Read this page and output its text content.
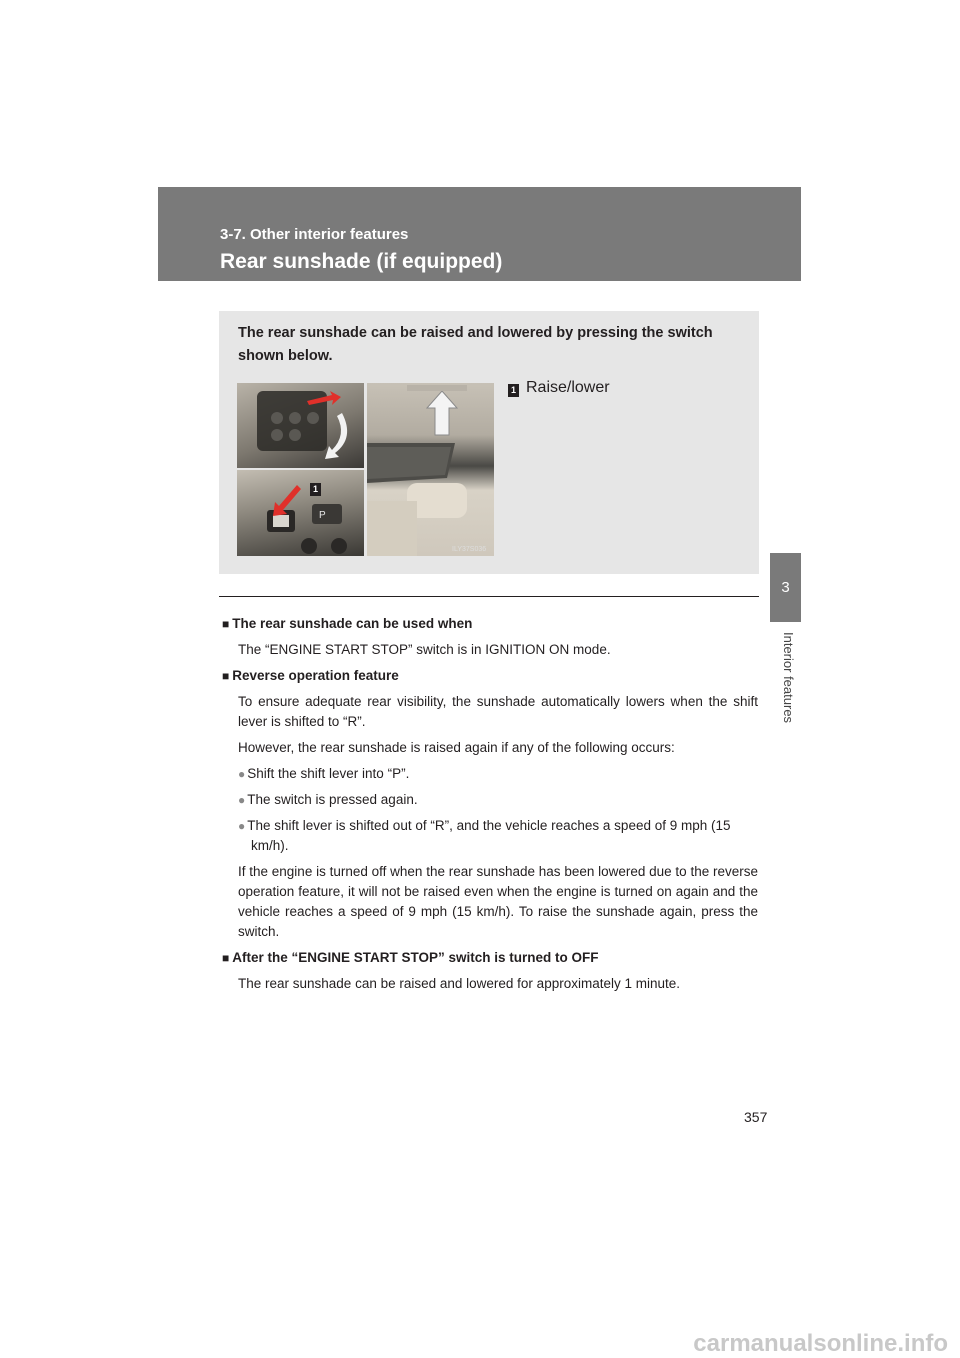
3-7. Other interior features
Rear sunshade (if equipped)
3
Interior features
The rear sunshade can be raised and lowered by pressing the switch shown below.
P
ILY37S036
1
1 Raise/lower
■ The rear sunshade can be used when
The “ENGINE START STOP” switch is in IGNITION ON mode.
■ Reverse operation feature
To ensure adequate rear visibility, the sunshade automatically lowers when the shift lever is shifted to “R”.
However, the rear sunshade is raised again if any of the following occurs:
● Shift the shift lever into “P”.
● The switch is pressed again.
● The shift lever is shifted out of “R”, and the vehicle reaches a speed of 9 mph (15 km/h).
If the engine is turned off when the rear sunshade has been lowered due to the reverse operation feature, it will not be raised even when the engine is turned on again and the vehicle reaches a speed of 9 mph (15 km/h). To raise the sunshade again, press the switch.
■ After the “ENGINE START STOP” switch is turned to OFF
The rear sunshade can be raised and lowered for approximately 1 minute.
357
carmanualsonline.info
